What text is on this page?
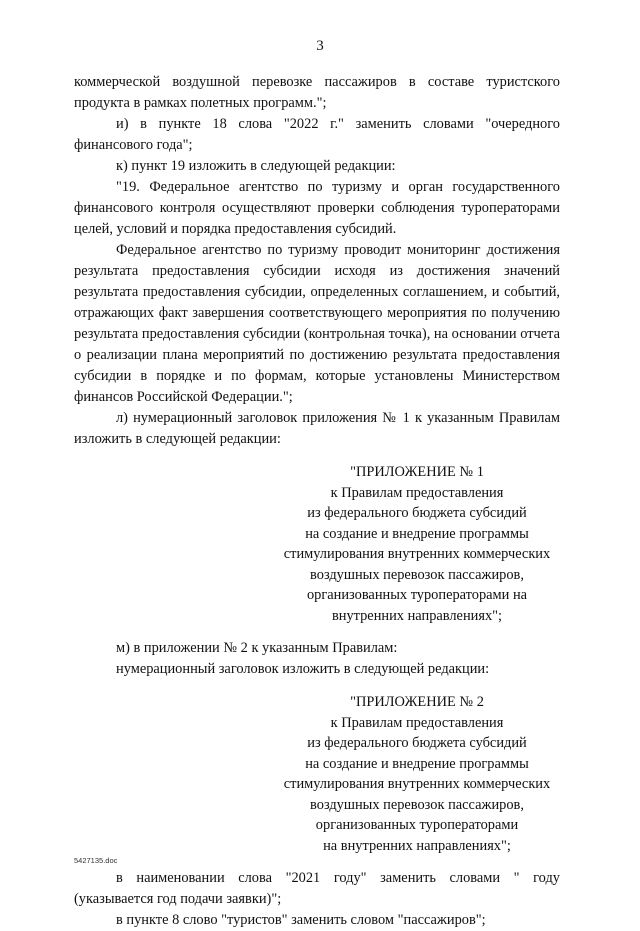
3

коммерческой воздушной перевозке пассажиров в составе туристского продукта в рамках полетных программ.";

и) в пункте 18 слова "2022 г." заменить словами "очередного финансового года";

к) пункт 19 изложить в следующей редакции:

"19. Федеральное агентство по туризму и орган государственного финансового контроля осуществляют проверки соблюдения туроператорами целей, условий и порядка предоставления субсидий.

Федеральное агентство по туризму проводит мониторинг достижения результата предоставления субсидии исходя из достижения значений результата предоставления субсидии, определенных соглашением, и событий, отражающих факт завершения соответствующего мероприятия по получению результата предоставления субсидии (контрольная точка), на основании отчета о реализации плана мероприятий по достижению результата предоставления субсидии в порядке и по формам, которые установлены Министерством финансов Российской Федерации.";

л) нумерационный заголовок приложения № 1 к указанным Правилам изложить в следующей редакции:

"ПРИЛОЖЕНИЕ № 1
к Правилам предоставления
из федерального бюджета субсидий
на создание и внедрение программы
стимулирования внутренних коммерческих
воздушных перевозок пассажиров,
организованных туроператорами на
внутренних направлениях";

м) в приложении № 2 к указанным Правилам:

нумерационный заголовок изложить в следующей редакции:

"ПРИЛОЖЕНИЕ № 2
к Правилам предоставления
из федерального бюджета субсидий
на создание и внедрение программы
стимулирования внутренних коммерческих
воздушных перевозок пассажиров,
организованных туроператорами
на внутренних направлениях";

в наименовании слова "2021 году" заменить словами " году (указывается год подачи заявки)";

в пункте 8 слово "туристов" заменить словом "пассажиров";

5427135.doc
